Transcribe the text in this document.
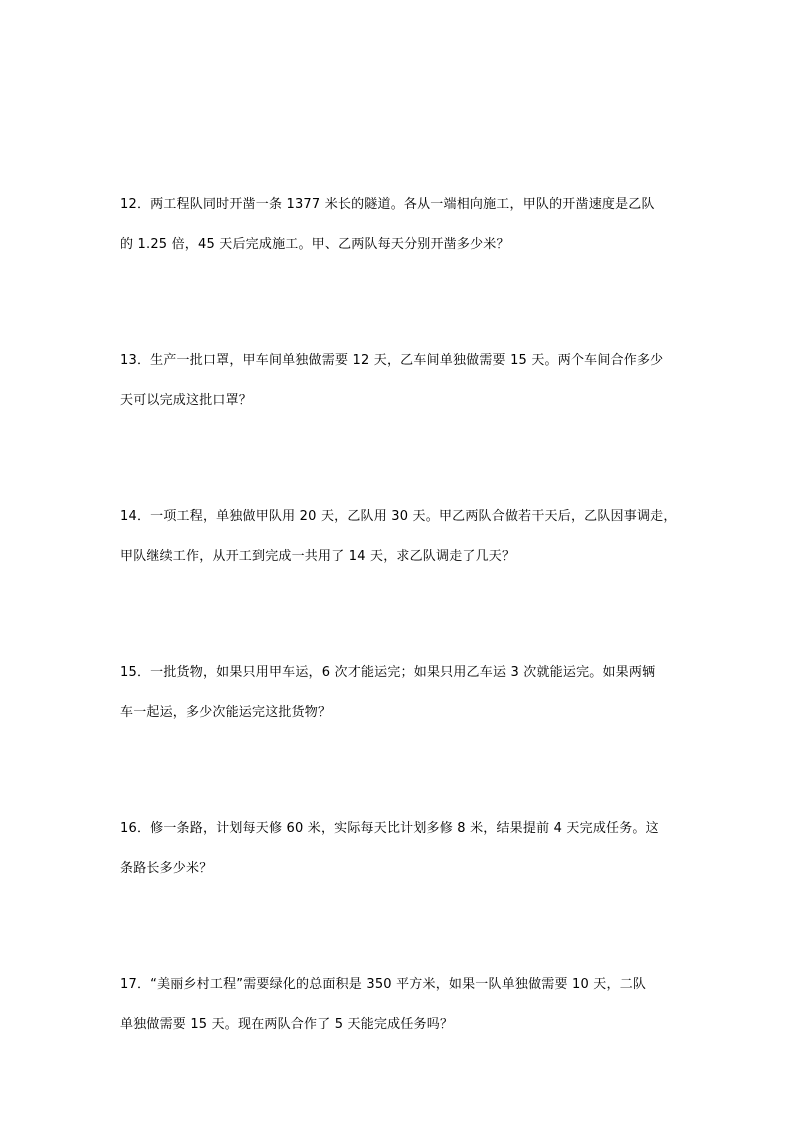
12．两工程队同时开凿一条 1377 米长的隧道。各从一端相向施工，甲队的开凿速度是乙队
的 1.25 倍，45 天后完成施工。甲、乙两队每天分别开凿多少米？
13．生产一批口罩，甲车间单独做需要 12 天，乙车间单独做需要 15 天。两个车间合作多少
天可以完成这批口罩？
14．一项工程，单独做甲队用 20 天，乙队用 30 天。甲乙两队合做若干天后，乙队因事调走，
甲队继续工作，从开工到完成一共用了 14 天，求乙队调走了几天？
15．一批货物，如果只用甲车运，6 次才能运完；如果只用乙车运 3 次就能运完。如果两辆
车一起运，多少次能运完这批货物？
16．修一条路，计划每天修 60 米，实际每天比计划多修 8 米，结果提前 4 天完成任务。这
条路长多少米？
17．“美丽乡村工程”需要绿化的总面积是 350 平方米，如果一队单独做需要 10 天，二队
单独做需要 15 天。现在两队合作了 5 天能完成任务吗？
